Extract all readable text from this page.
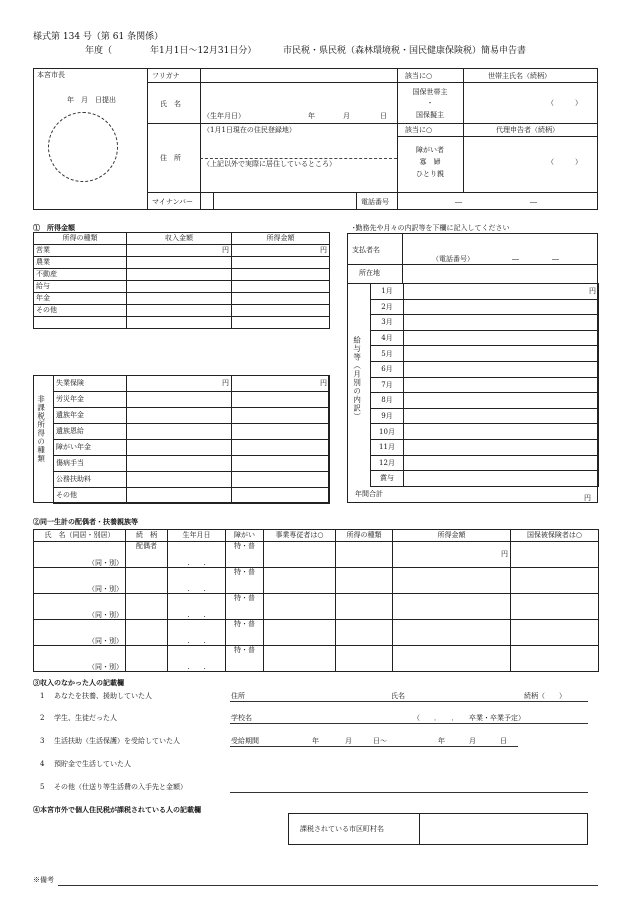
様式第 134 号（第 61 条関係）
年度（	年1月1日～12月31日分）	市民税・県民税（森林環境税・国民健康保険税）簡易申告書
本宮市長
年　月　日提出
フリガナ
氏　名
（生年月日）	年	月	日
住　所
（1月1日現在の住民登録地）
（上記以外で実際に居住しているところ）
マイナンバー	電話番号	―	―
該当に○	世帯主氏名（続柄）
国保世帯主
・
国保擬主
（　　　）
該当に○	代理申告者（続柄）
障がい者
寡　婦
ひとり親
（　　　）
①　所得金額
所得の種類	収入金額	所得金額
営業	円	円
農業		
不動産		
給与		
年金		
その他		

非課税所得の種類
失業保険	円	円
労災年金		
遺族年金		
遺族恩給		
障がい年金		
傷病手当		
公務扶助料		
その他		
･勤務先や月々の内訳等を下欄に記入してください
支払者名
（電話番号）	―	―
所在地
給与等（月別の内訳）
1月	円
2月	
3月	
4月	
5月	
6月	
7月	
8月	
9月	
10月	
11月	
12月	
賞与	
年間合計	円
②同一生計の配偶者・扶養親族等
氏　名（同居・別居）	続　柄	生年月日	障がい	事業専従者は○	所得の種類	所得金額	国保被保険者は○
（同・別）	配偶者	.　　.	特・普			円	
（同・別）		.　　.	特・普				
（同・別）		.　　.	特・普				
（同・別）		.　　.	特・普				
（同・別）		.　　.	特・普				
③収入のなかった人の記載欄
1 あなたを扶養、援助していた人	住所	氏名	続柄（　　）
2 学生、生徒だった人	学校名	（　　．　　．　　卒業・卒業予定）
3 生活扶助（生活保護）を受給していた人	受給期間	年	月	日～	年	月	日
4 預貯金で生活していた人
5 その他（仕送り等生活費の入手先と金額）
④本宮市外で個人住民税が課税されている人の記載欄
課税されている市区町村名
※備考
